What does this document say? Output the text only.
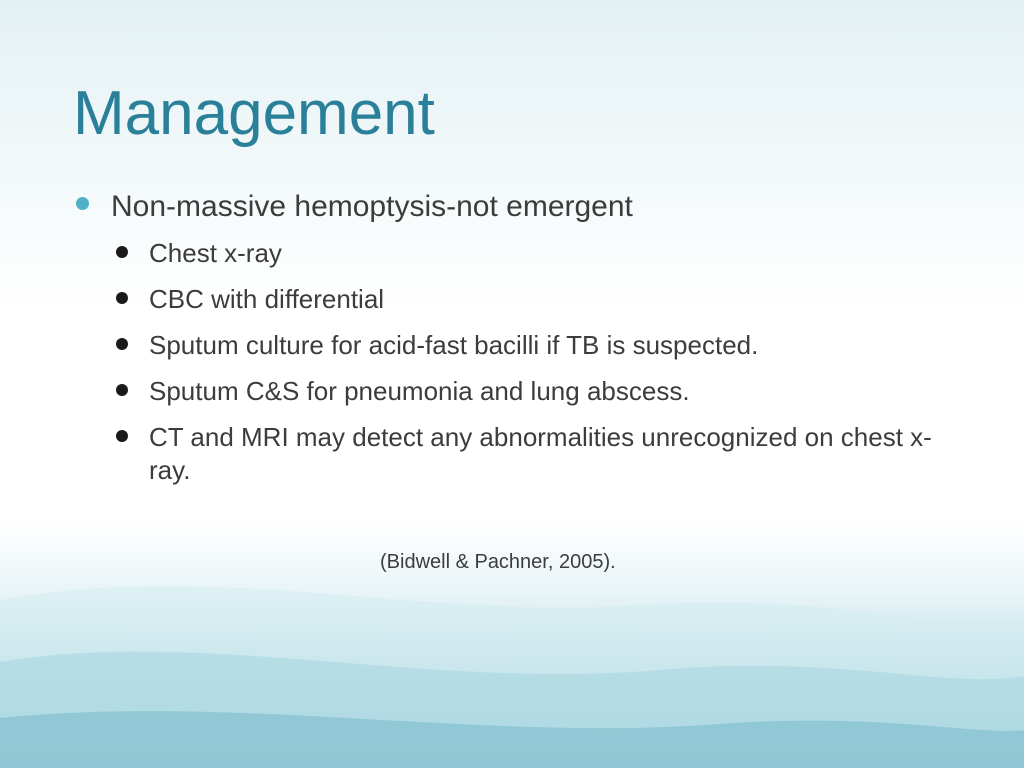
Management
Non-massive hemoptysis-not emergent
Chest x-ray
CBC with differential
Sputum culture for acid-fast bacilli if TB is suspected.
Sputum C&S for pneumonia and lung abscess.
CT and MRI may detect any abnormalities unrecognized on chest x-ray.
(Bidwell & Pachner, 2005).
